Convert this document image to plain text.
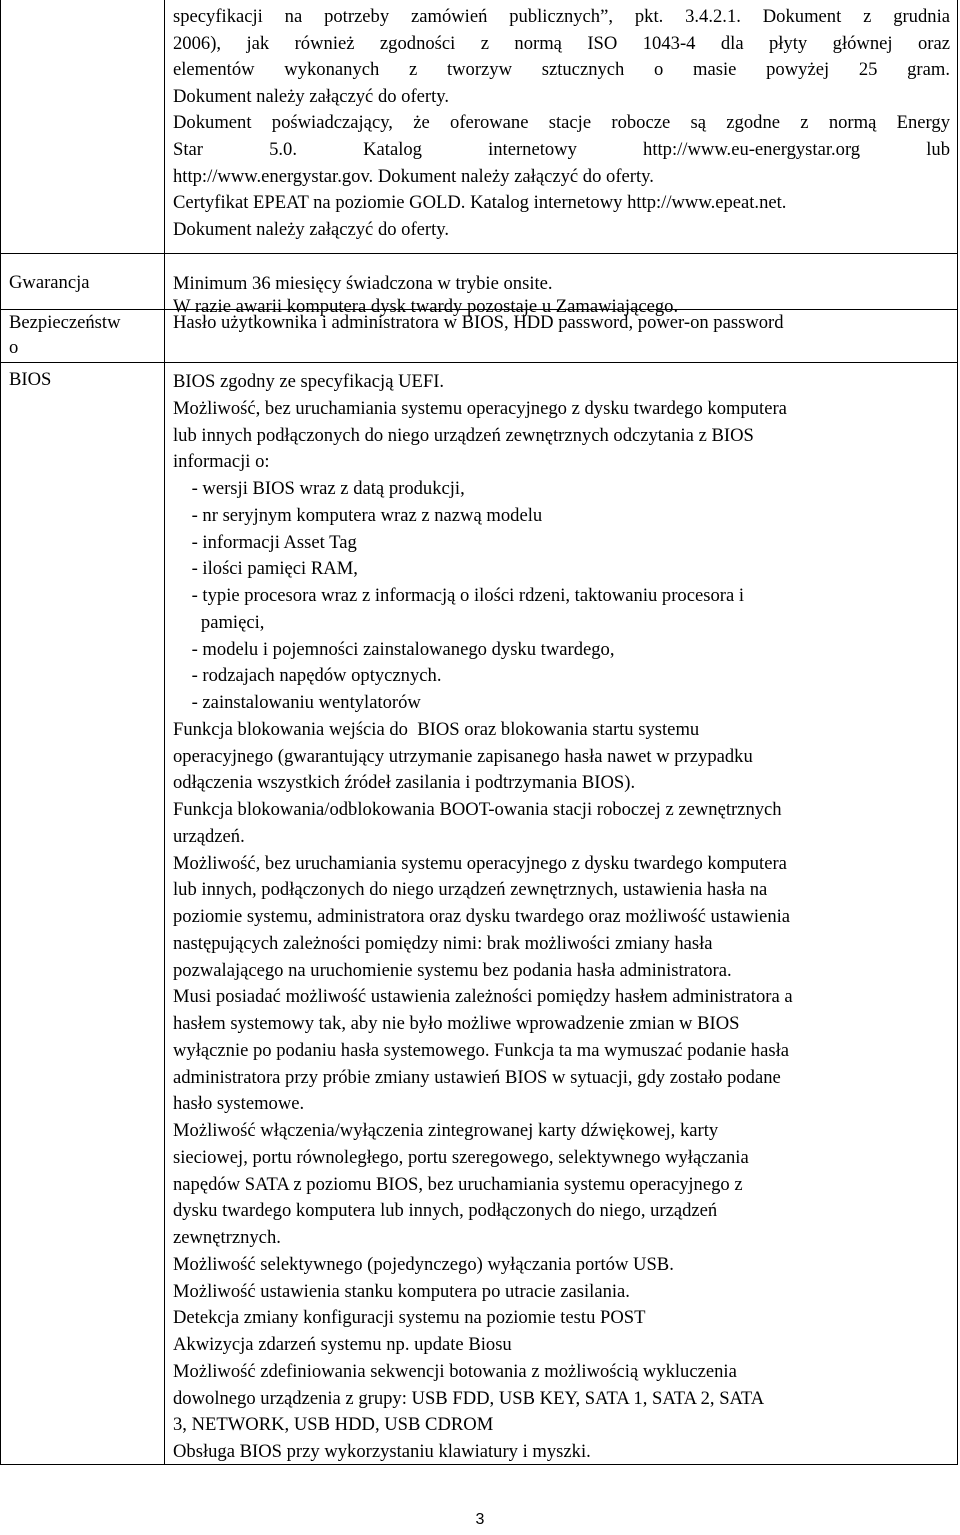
specyfikacji na potrzeby zamówień publicznych”, pkt. 3.4.2.1. Dokument z grudnia
2006), jak również zgodności z normą ISO 1043-4 dla płyty głównej oraz
elementów wykonanych z tworzyw sztucznych o masie powyżej 25 gram.
Dokument należy załączyć do oferty.
Dokument poświadczający, że oferowane stacje robocze są zgodne z normą Energy
Star 5.0. Katalog internetowy http://www.eu-energystar.org lub
http://www.energystar.gov. Dokument należy załączyć do oferty.
Certyfikat EPEAT na poziomie GOLD. Katalog internetowy http://www.epeat.net.
Dokument należy załączyć do oferty.
Gwarancja	Minimum 36 miesięcy świadczona w trybie onsite.
W razie awarii komputera dysk twardy pozostaje u Zamawiającego.
Bezpieczeństw
o
Hasło użytkownika i administratora w BIOS, HDD password, power-on password
BIOS	BIOS zgodny ze specyfikacją UEFI.
Możliwość, bez uruchamiania systemu operacyjnego z dysku twardego komputera
lub innych podłączonych do niego urządzeń zewnętrznych odczytania z BIOS
informacji o:
- wersji BIOS wraz z datą produkcji,
- nr seryjnym komputera wraz z nazwą modelu
- informacji Asset Tag
- ilości pamięci RAM,
- typie procesora wraz z informacją o ilości rdzeni, taktowaniu procesora i
pamięci,
- modelu i pojemności zainstalowanego dysku twardego,
- rodzajach napędów optycznych.
- zainstalowaniu wentylatorów
Funkcja blokowania wejścia do  BIOS oraz blokowania startu systemu
operacyjnego (gwarantujący utrzymanie zapisanego hasła nawet w przypadku
odłączenia wszystkich źródeł zasilania i podtrzymania BIOS).
Funkcja blokowania/odblokowania BOOT-owania stacji roboczej z zewnętrznych
urządzeń.
Możliwość, bez uruchamiania systemu operacyjnego z dysku twardego komputera
lub innych, podłączonych do niego urządzeń zewnętrznych, ustawienia hasła na
poziomie systemu, administratora oraz dysku twardego oraz możliwość ustawienia
następujących zależności pomiędzy nimi: brak możliwości zmiany hasła
pozwalającego na uruchomienie systemu bez podania hasła administratora.
Musi posiadać możliwość ustawienia zależności pomiędzy hasłem administratora a
hasłem systemowy tak, aby nie było możliwe wprowadzenie zmian w BIOS
wyłącznie po podaniu hasła systemowego. Funkcja ta ma wymuszać podanie hasła
administratora przy próbie zmiany ustawień BIOS w sytuacji, gdy zostało podane
hasło systemowe.
Możliwość włączenia/wyłączenia zintegrowanej karty dźwiękowej, karty
sieciowej, portu równoległego, portu szeregowego, selektywnego wyłączania
napędów SATA z poziomu BIOS, bez uruchamiania systemu operacyjnego z
dysku twardego komputera lub innych, podłączonych do niego, urządzeń
zewnętrznych.
Możliwość selektywnego (pojedynczego) wyłączania portów USB.
Możliwość ustawienia stanku komputera po utracie zasilania.
Detekcja zmiany konfiguracji systemu na poziomie testu POST
Akwizycja zdarzeń systemu np. update Biosu
Możliwość zdefiniowania sekwencji botowania z możliwością wykluczenia
dowolnego urządzenia z grupy: USB FDD, USB KEY, SATA 1, SATA 2, SATA
3, NETWORK, USB HDD, USB CDROM
Obsługa BIOS przy wykorzystaniu klawiatury i myszki.
3
